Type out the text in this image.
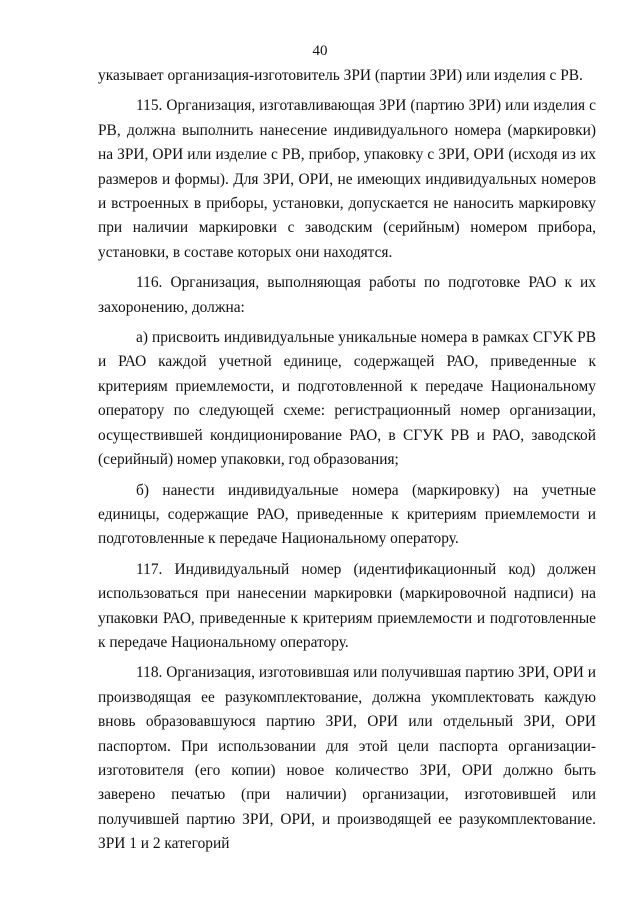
40

указывает организация-изготовитель ЗРИ (партии ЗРИ) или изделия с РВ.

115. Организация, изготавливающая ЗРИ (партию ЗРИ) или изделия с РВ, должна выполнить нанесение индивидуального номера (маркировки) на ЗРИ, ОРИ или изделие с РВ, прибор, упаковку с ЗРИ, ОРИ (исходя из их размеров и формы). Для ЗРИ, ОРИ, не имеющих индивидуальных номеров и встроенных в приборы, установки, допускается не наносить маркировку при наличии маркировки с заводским (серийным) номером прибора, установки, в составе которых они находятся.

116. Организация, выполняющая работы по подготовке РАО к их захоронению, должна:

а) присвоить индивидуальные уникальные номера в рамках СГУК РВ и РАО каждой учетной единице, содержащей РАО, приведенные к критериям приемлемости, и подготовленной к передаче Национальному оператору по следующей схеме: регистрационный номер организации, осуществившей кондиционирование РАО, в СГУК РВ и РАО, заводской (серийный) номер упаковки, год образования;

б) нанести индивидуальные номера (маркировку) на учетные единицы, содержащие РАО, приведенные к критериям приемлемости и подготовленные к передаче Национальному оператору.

117. Индивидуальный номер (идентификационный код) должен использоваться при нанесении маркировки (маркировочной надписи) на упаковки РАО, приведенные к критериям приемлемости и подготовленные к передаче Национальному оператору.

118. Организация, изготовившая или получившая партию ЗРИ, ОРИ и производящая ее разукомплектование, должна укомплектовать каждую вновь образовавшуюся партию ЗРИ, ОРИ или отдельный ЗРИ, ОРИ паспортом. При использовании для этой цели паспорта организации-изготовителя (его копии) новое количество ЗРИ, ОРИ должно быть заверено печатью (при наличии) организации, изготовившей или получившей партию ЗРИ, ОРИ, и производящей ее разукомплектование. ЗРИ 1 и 2 категорий
